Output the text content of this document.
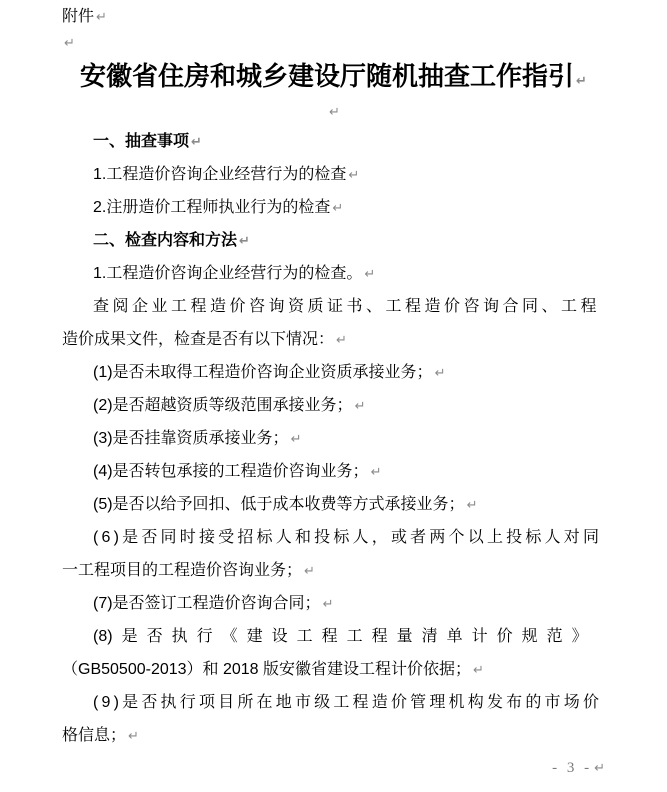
附件 ↵
↵
安徽省住房和城乡建设厅随机抽查工作指引 ↵
↵
一、抽查事项 ↵
1.工程造价咨询企业经营行为的检查 ↵
2.注册造价工程师执业行为的检查 ↵
二、检查内容和方法 ↵
1.工程造价咨询企业经营行为的检查。 ↵
查阅企业工程造价咨询资质证书、工程造价咨询合同、工程
造价成果文件，检查是否有以下情况： ↵
(1)是否未取得工程造价咨询企业资质承接业务； ↵
(2)是否超越资质等级范围承接业务； ↵
(3)是否挂靠资质承接业务； ↵
(4)是否转包承接的工程造价咨询业务； ↵
(5)是否以给予回扣、低于成本收费等方式承接业务； ↵
(6)是否同时接受招标人和投标人，或者两个以上投标人对同
一工程项目的工程造价咨询业务； ↵
(7)是否签订工程造价咨询合同； ↵
(8) 是否执行《建设工程工程量清单计价规范》
（GB50500-2013）和 2018 版安徽省建设工程计价依据； ↵
(9)是否执行项目所在地市级工程造价管理机构发布的市场价
格信息； ↵
- 3 - ↵
